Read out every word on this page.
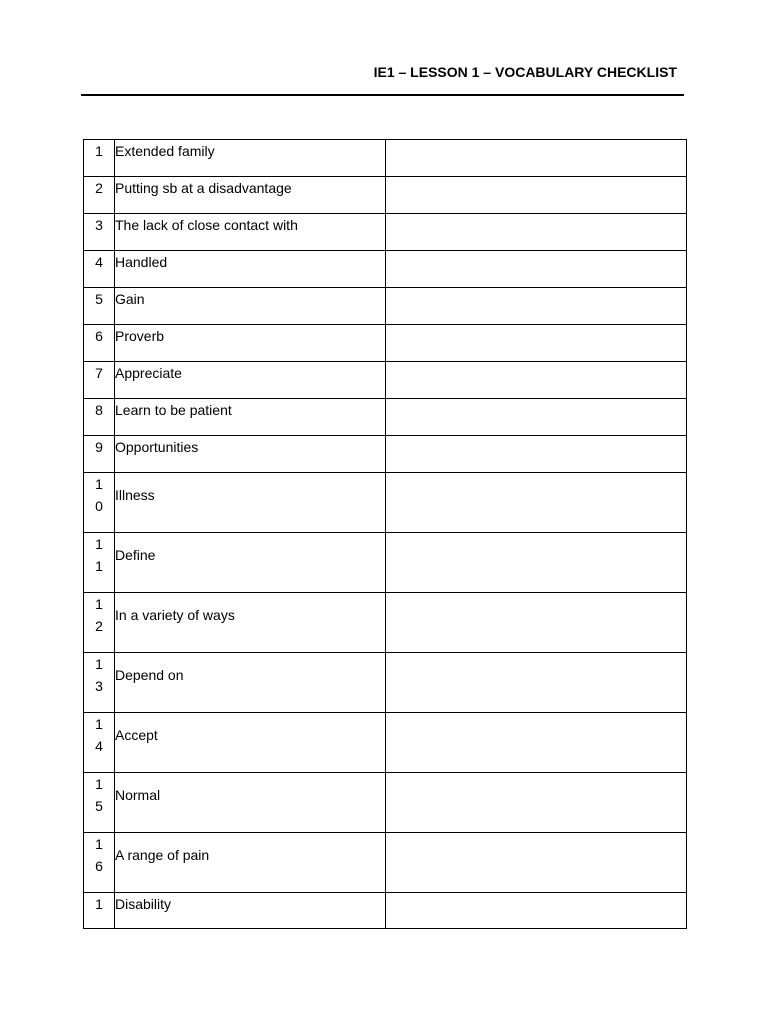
IE1 – LESSON 1 – VOCABULARY CHECKLIST
1	Extended family	

2	Putting sb at a disadvantage	

3	The lack of close contact with	

4	Handled	

5	Gain	

6	Proverb	

7	Appreciate	

8	Learn to be patient	

9	Opportunities	

10	Illness	

11	Define	

12	In a variety of ways	

13	Depend on	

14	Accept	

15	Normal	

16	A range of pain	

1	Disability	
